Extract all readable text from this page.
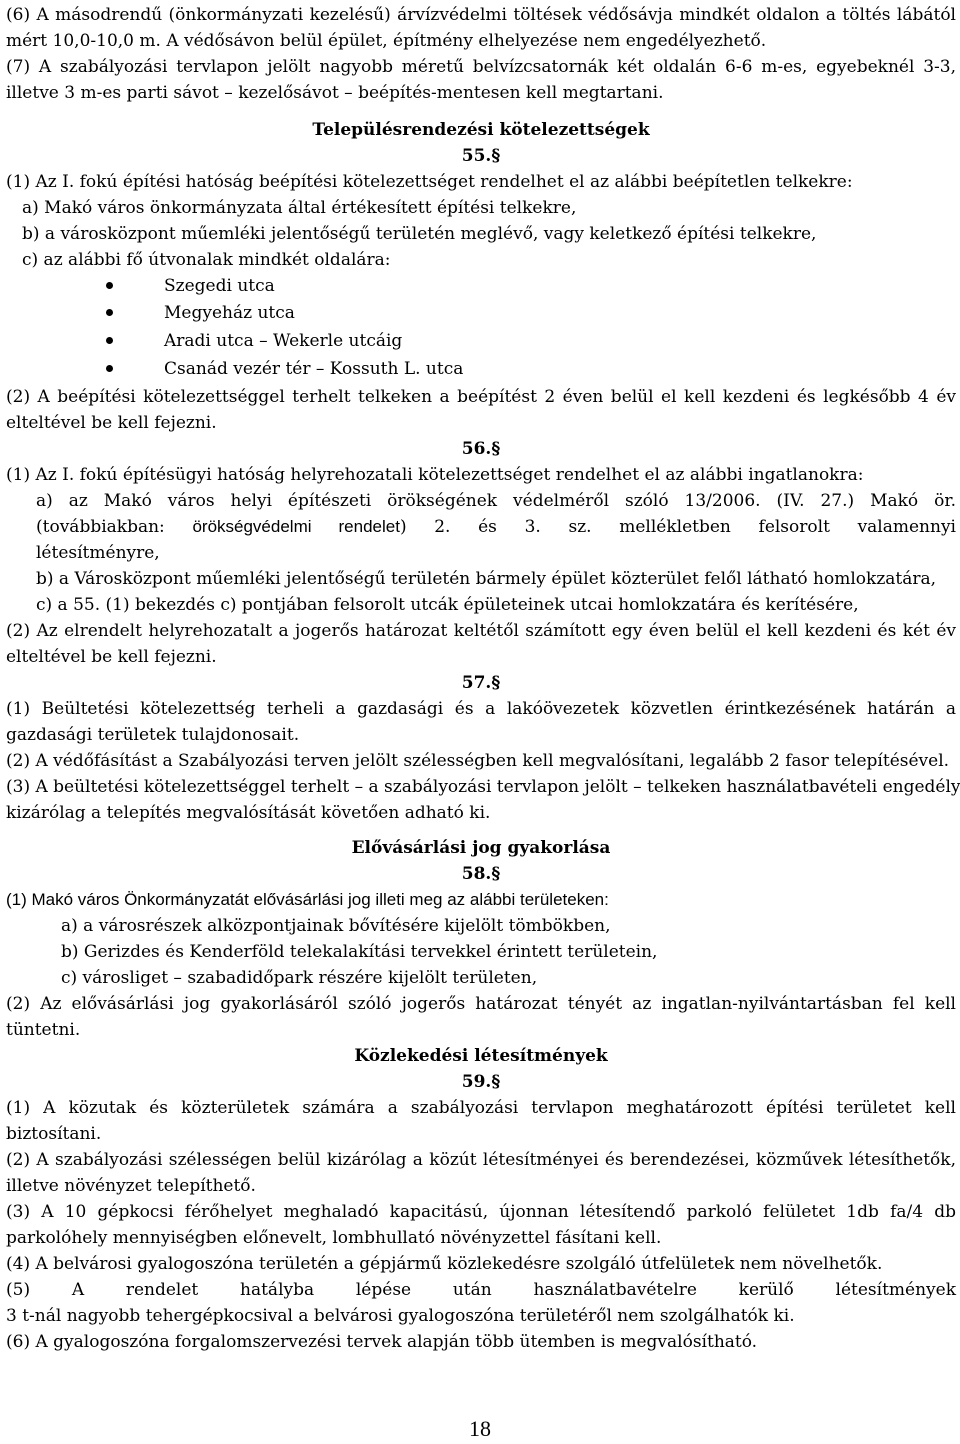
(6) A másodrendű (önkormányzati kezelésű) árvízvédelmi töltések védősávja mindkét oldalon a töltés lábától
mért 10,0-10,0 m. A védősávon belül épület, építmény elhelyezése nem engedélyezhető.
(7) A szabályozási tervlapon jelölt nagyobb méretű belvízcsatornák két oldalán 6-6 m-es, egyebeknél 3-3,
illetve 3 m-es parti sávot – kezelősávot – beépítés-mentesen kell megtartani.
Településrendezési kötelezettségek
55.§
(1) Az I. fokú építési hatóság beépítési kötelezettséget rendelhet el az alábbi beépítetlen telkekre:
a) Makó város önkormányzata által értékesített építési telkekre,
b) a városközpont műemléki jelentőségű területén meglévő, vagy keletkező építési telkekre,
c) az alábbi fő útvonalak mindkét oldalára:
Szegedi utca
Megyeház utca
Aradi utca – Wekerle utcáig
Csanád vezér tér – Kossuth L. utca
(2) A beépítési kötelezettséggel terhelt telkeken a beépítést 2 éven belül el kell kezdeni és legkésőbb 4 év
elteltével be kell fejezni.
56.§
(1) Az I. fokú építésügyi hatóság helyrehozatali kötelezettséget rendelhet el az alábbi ingatlanokra:
a) az Makó város helyi építészeti örökségének védelméről szóló 13/2006. (IV. 27.) Makó ör.
(továbbiakban: örökségvédelmi rendelet) 2. és 3. sz. mellékletben felsorolt valamennyi
létesítményre,
b) a Városközpont műemléki jelentőségű területén bármely épület közterület felől látható homlokzatára,
c) a 55. (1) bekezdés c) pontjában felsorolt utcák épületeinek utcai homlokzatára és kerítésére,
(2) Az elrendelt helyrehozatalt a jogerős határozat keltétől számított egy éven belül el kell kezdeni és két év
elteltével be kell fejezni.
57.§
(1) Beültetési kötelezettség terheli a gazdasági és a lakóövezetek közvetlen érintkezésének határán a
gazdasági területek tulajdonosait.
(2) A védőfásítást a Szabályozási terven jelölt szélességben kell megvalósítani, legalább 2 fasor telepítésével.
(3) A beültetési kötelezettséggel terhelt – a szabályozási tervlapon jelölt – telkeken használatbavételi engedély
kizárólag a telepítés megvalósítását követően adható ki.
Elővásárlási jog gyakorlása
58.§
(1) Makó város Önkormányzatát elővásárlási jog illeti meg az alábbi területeken:
a) a városrészek alközpontjainak bővítésére kijelölt tömbökben,
b) Gerizdes és Kenderföld telekalakítási tervekkel érintett területein,
c) városliget – szabadidőpark részére kijelölt területen,
(2) Az elővásárlási jog gyakorlásáról szóló jogerős határozat tényét az ingatlan-nyilvántartásban fel kell
tüntetni.
Közlekedési létesítmények
59.§
(1) A közutak és közterületek számára a szabályozási tervlapon meghatározott építési területet kell
biztosítani.
(2) A szabályozási szélességen belül kizárólag a közút létesítményei és berendezései, közművek létesíthetők,
illetve növényzet telepíthető.
(3) A 10 gépkocsi férőhelyet meghaladó kapacitású, újonnan létesítendő parkoló felületet 1db fa/4 db
parkolóhely mennyiségben előnevelt, lombhullató növényzettel fásítani kell.
(4) A belvárosi gyalogoszóna területén a gépjármű közlekedésre szolgáló útfelületek nem növelhetők.
(5) A rendelet hatályba lépése után használatbavételre kerülő létesítmények
3 t-nál nagyobb tehergépkocsival a belvárosi gyalogoszóna területéről nem szolgálhatók ki.
(6) A gyalogoszóna forgalomszervezési tervek alapján több ütemben is megvalósítható.
18
